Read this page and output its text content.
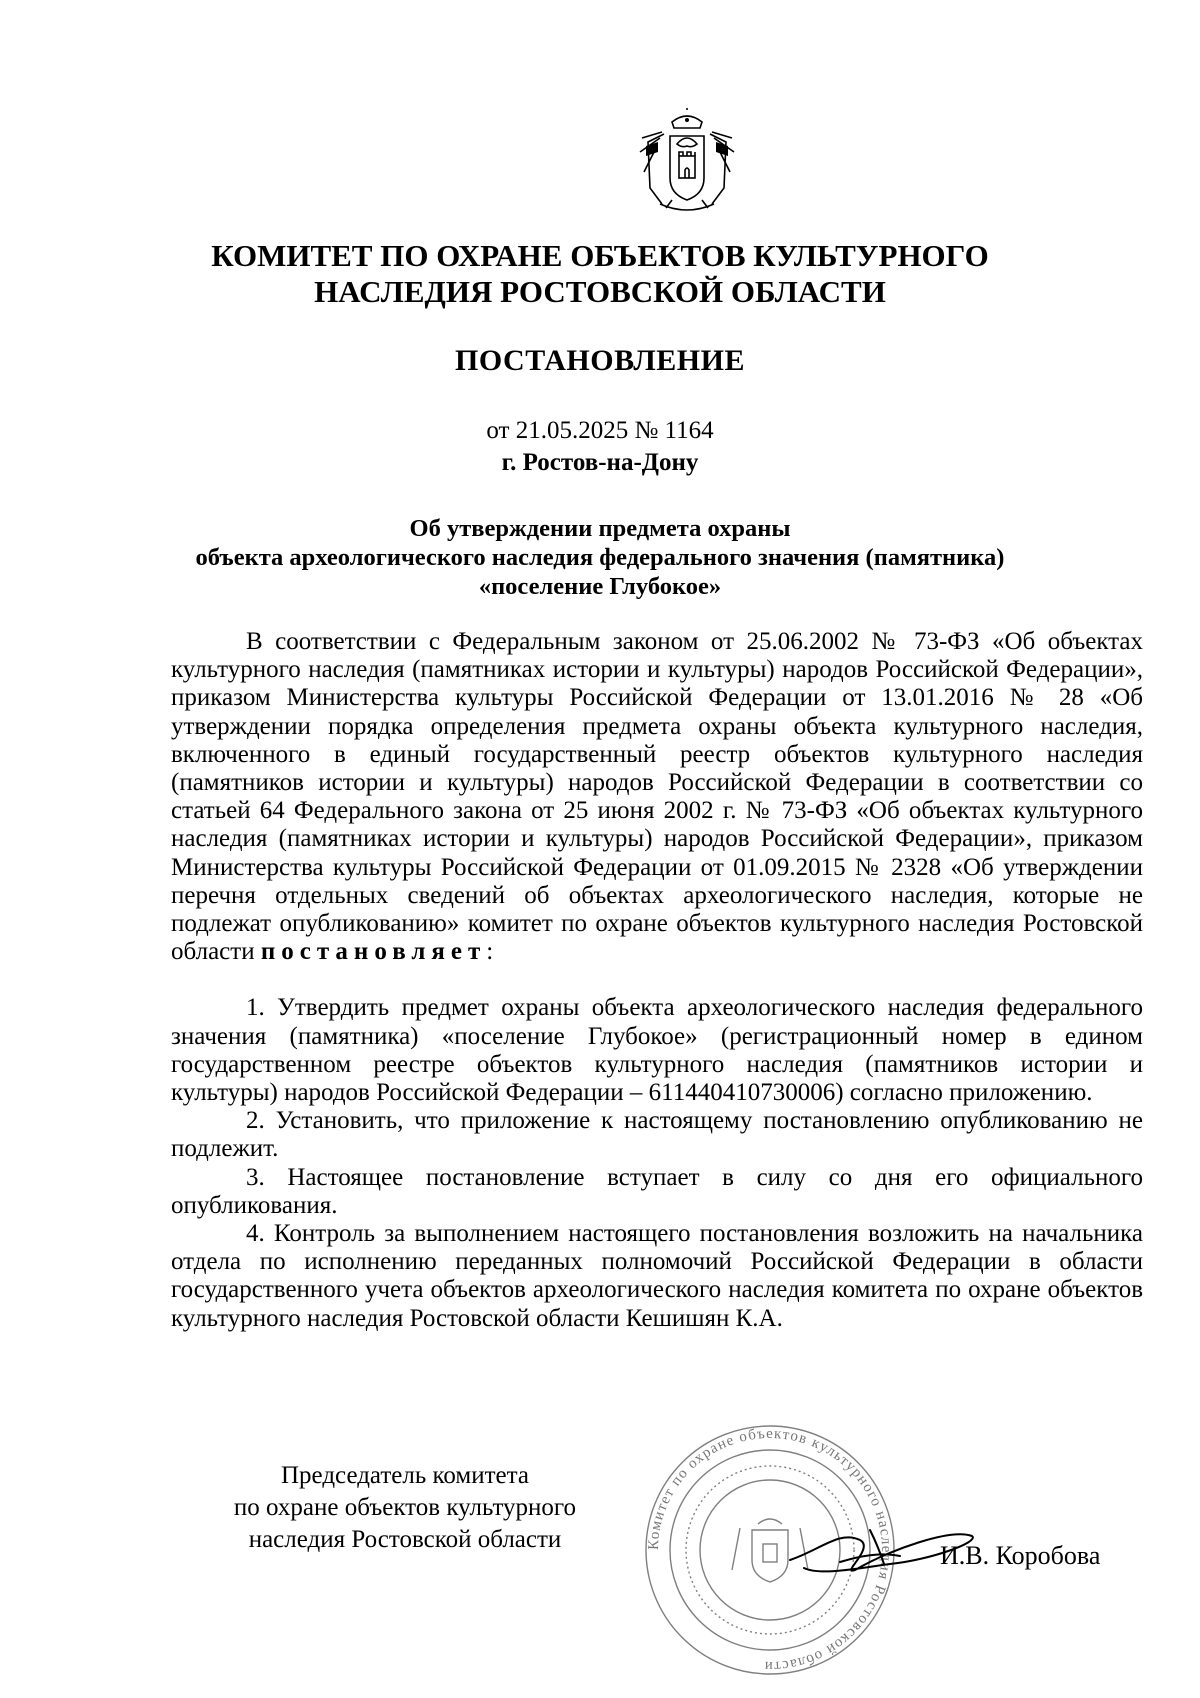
КОМИТЕТ ПО ОХРАНЕ ОБЪЕКТОВ КУЛЬТУРНОГО
НАСЛЕДИЯ РОСТОВСКОЙ ОБЛАСТИ
ПОСТАНОВЛЕНИЕ
от 21.05.2025 № 1164
г. Ростов-на-Дону
Об утверждении предмета охраны
объекта археологического наследия федерального значения (памятника)
«поселение Глубокое»

В соответствии с Федеральным законом от 25.06.2002 № 73-ФЗ «Об объектах культурного наследия (памятниках истории и культуры) народов Российской Федерации», приказом Министерства культуры Российской Федерации от 13.01.2016 № 28 «Об утверждении порядка определения предмета охраны объекта культурного наследия, включенного в единый государственный реестр объектов культурного наследия (памятников истории и культуры) народов Российской Федерации в соответствии со статьей 64 Федерального закона от 25 июня 2002 г. № 73-ФЗ «Об объектах культурного наследия (памятниках истории и культуры) народов Российской Федерации», приказом Министерства культуры Российской Федерации от 01.09.2015 № 2328 «Об утверждении перечня отдельных сведений об объектах археологического наследия, которые не подлежат опубликованию» комитет по охране объектов культурного наследия Ростовской области постановляет:

1. Утвердить предмет охраны объекта археологического наследия федерального значения (памятника) «поселение Глубокое» (регистрационный номер в едином государственном реестре объектов культурного наследия (памятников истории и культуры) народов Российской Федерации – 611440410730006) согласно приложению.

2. Установить, что приложение к настоящему постановлению опубликованию не подлежит.

3. Настоящее постановление вступает в силу со дня его официального опубликования.

4. Контроль за выполнением настоящего постановления возложить на начальника отдела по исполнению переданных полномочий Российской Федерации в области государственного учета объектов археологического наследия комитета по охране объектов культурного наследия Ростовской области Кешишян К.А.

Председатель комитета
по охране объектов культурного
наследия Ростовской области	Комитет по охране объектов культурного наследия Ростовской области
И.В. Коробова
